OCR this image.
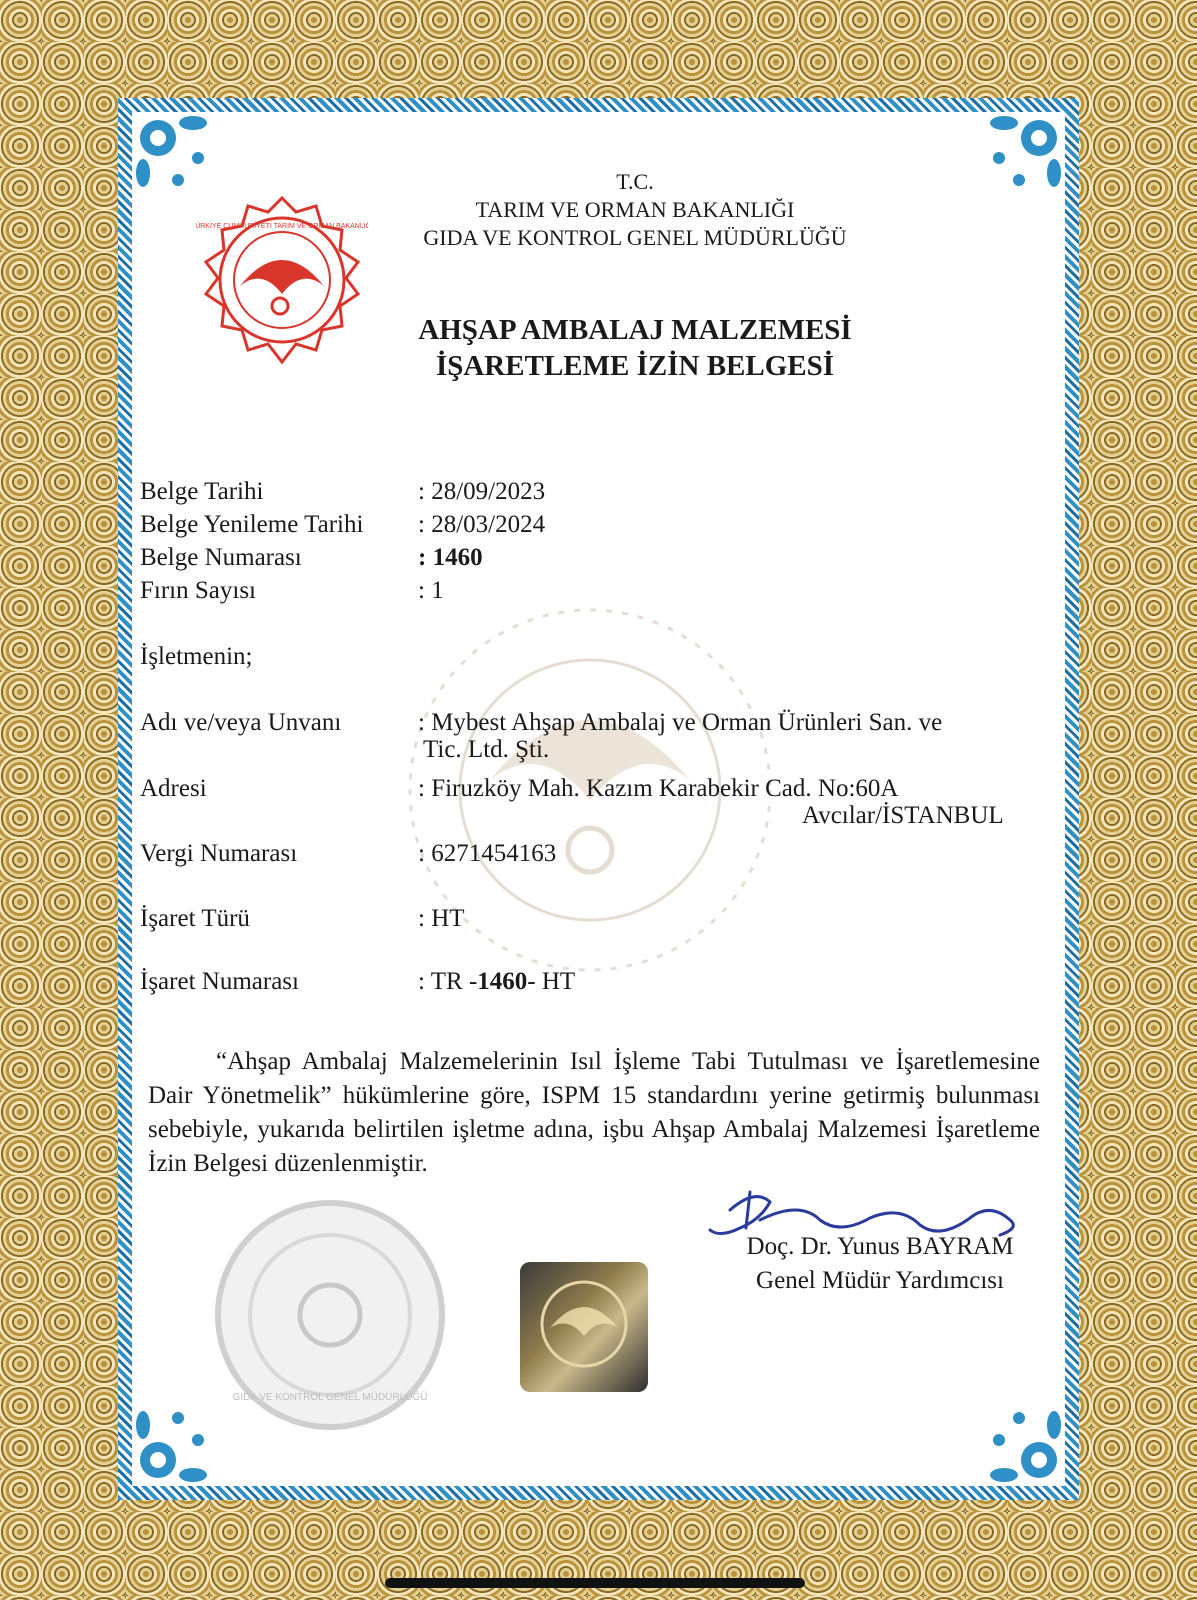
TÜRKİYE CUMHURİYETİ TARIM VE ORMAN BAKANLIĞI
T.C.
TARIM VE ORMAN BAKANLIĞI
GIDA VE KONTROL GENEL MÜDÜRLÜĞÜ
AHŞAP AMBALAJ MALZEMESİ
İŞARETLEME İZİN BELGESİ
Belge Tarihi	: 28/09/2023
Belge Yenileme Tarihi : 28/03/2024
Belge Numarası	: 1460
Fırın Sayısı	: 1
İşletmenin;
Adı ve/veya Unvanı	: Mybest Ahşap Ambalaj ve Orman Ürünleri San. ve
Tic. Ltd. Şti.
Adresi	: Firuzköy Mah. Kazım Karabekir Cad. No:60A
Avcılar/İSTANBUL
Vergi Numarası	: 6271454163
İşaret Türü	: HT
İşaret Numarası	: TR -1460- HT
“Ahşap Ambalaj Malzemelerinin Isıl İşleme Tabi Tutulması ve İşaretlemesine Dair Yönetmelik” hükümlerine göre, ISPM 15 standardını yerine getirmiş bulunması sebebiyle, yukarıda belirtilen işletme adına, işbu Ahşap Ambalaj Malzemesi İşaretleme İzin Belgesi düzenlenmiştir.
GIDA VE KONTROL GENEL MÜDÜRLÜĞÜ
Doç. Dr. Yunus BAYRAM
Genel Müdür Yardımcısı
